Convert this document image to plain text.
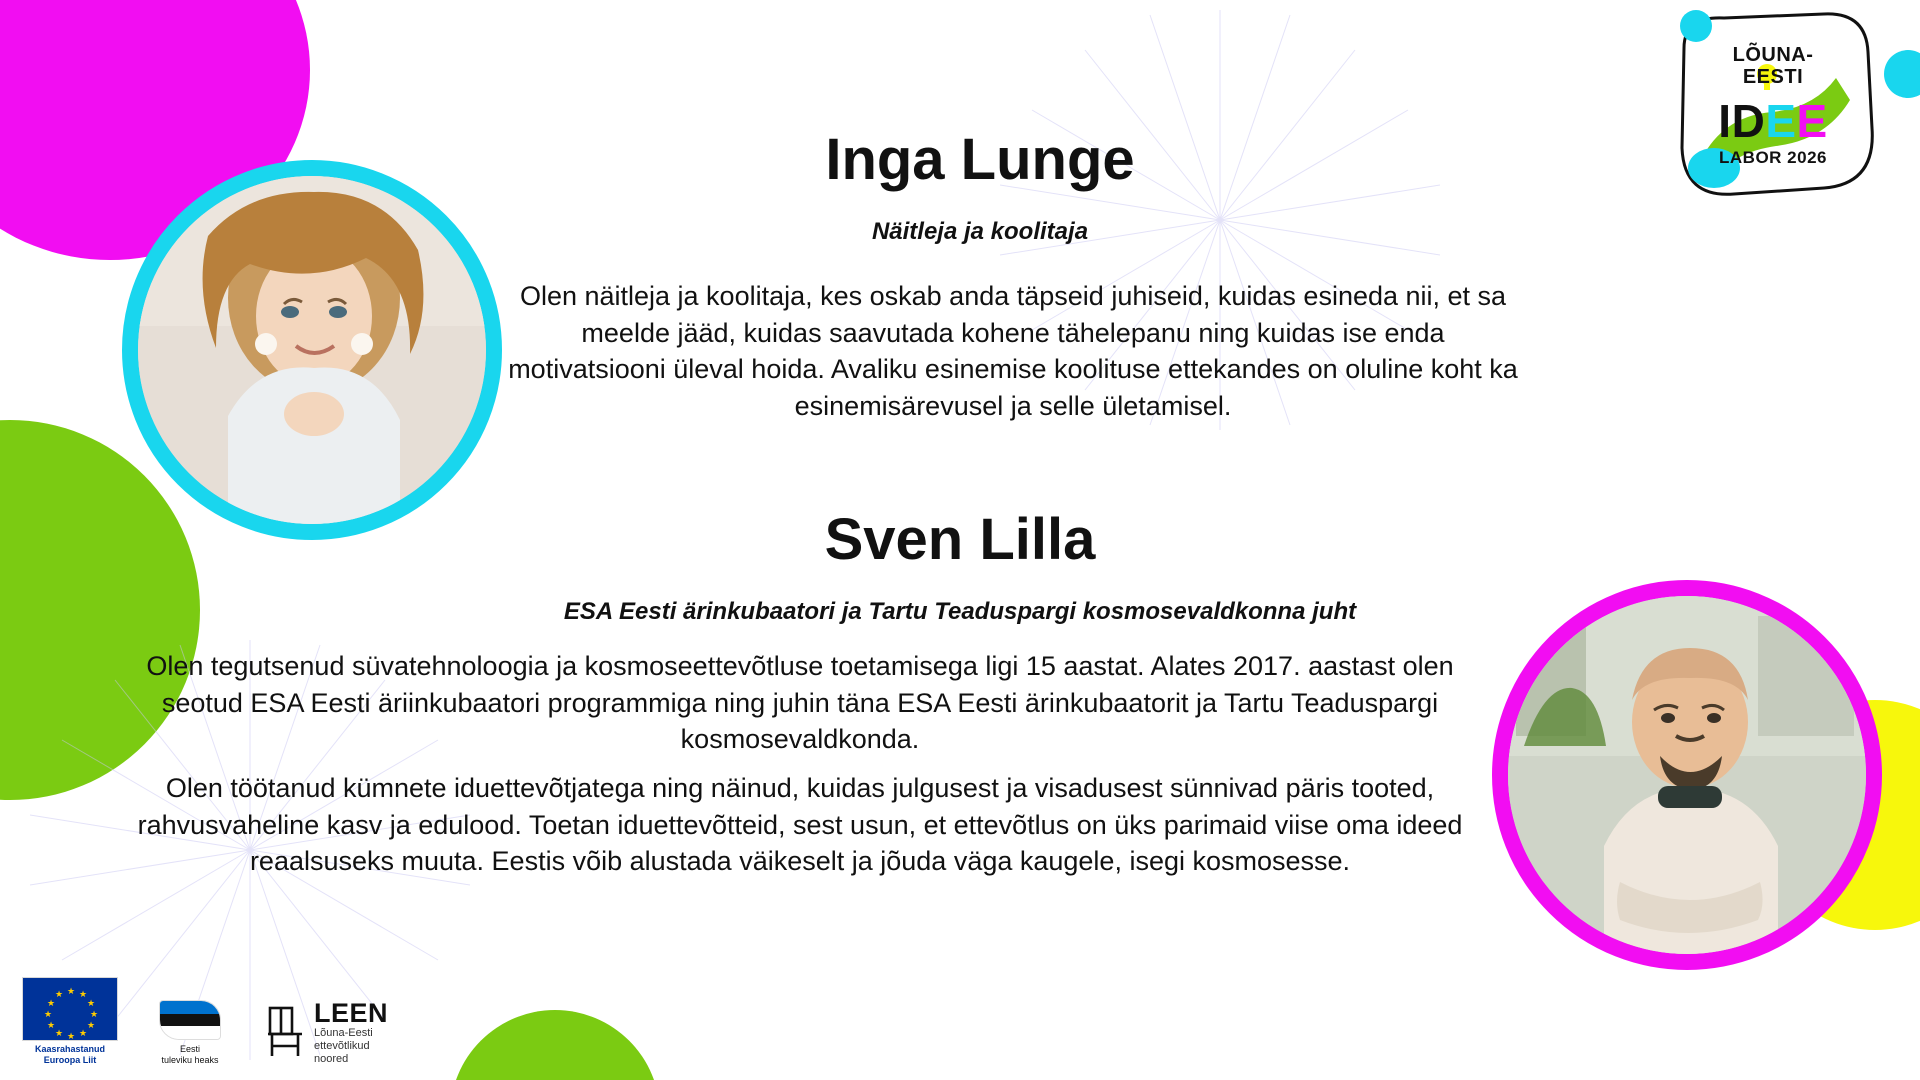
LÕUNA-
EESTI
IDEE
LABOR 2026
Inga Lunge
Näitleja ja koolitaja
Olen näitleja ja koolitaja, kes oskab anda täpseid juhiseid, kuidas esineda nii, et sa meelde jääd, kuidas saavutada kohene tähelepanu ning kuidas ise enda motivatsiooni üleval hoida. Avaliku esinemise koolituse ettekandes on oluline koht ka esinemisärevusel ja selle ületamisel.
Sven Lilla
ESA Eesti ärinkubaatori ja Tartu Teaduspargi kosmosevaldkonna juht
Olen tegutsenud süvatehnoloogia ja kosmoseettevõtluse toetamisega ligi 15 aastat. Alates 2017. aastast olen seotud ESA Eesti äriinkubaatori programmiga ning juhin täna ESA Eesti ärinkubaatorit ja Tartu Teaduspargi kosmosevaldkonda.
Olen töötanud kümnete iduettevõtjatega ning näinud, kuidas julgusest ja visadusest sünnivad päris tooted, rahvusvaheline kasv ja edulood. Toetan iduettevõtteid, sest usun, et ettevõtlus on üks parimaid viise oma ideed reaalsuseks muuta. Eestis võib alustada väikeselt ja jõuda väga kaugele, isegi kosmosesse.
★ ★
★
★
★
★
★
★
★
★
★
★
Kaasrahastanud
Euroopa Liit
Eesti
tuleviku heaks
LEEN
Lõuna-Eesti
ettevõtlikud
noored
